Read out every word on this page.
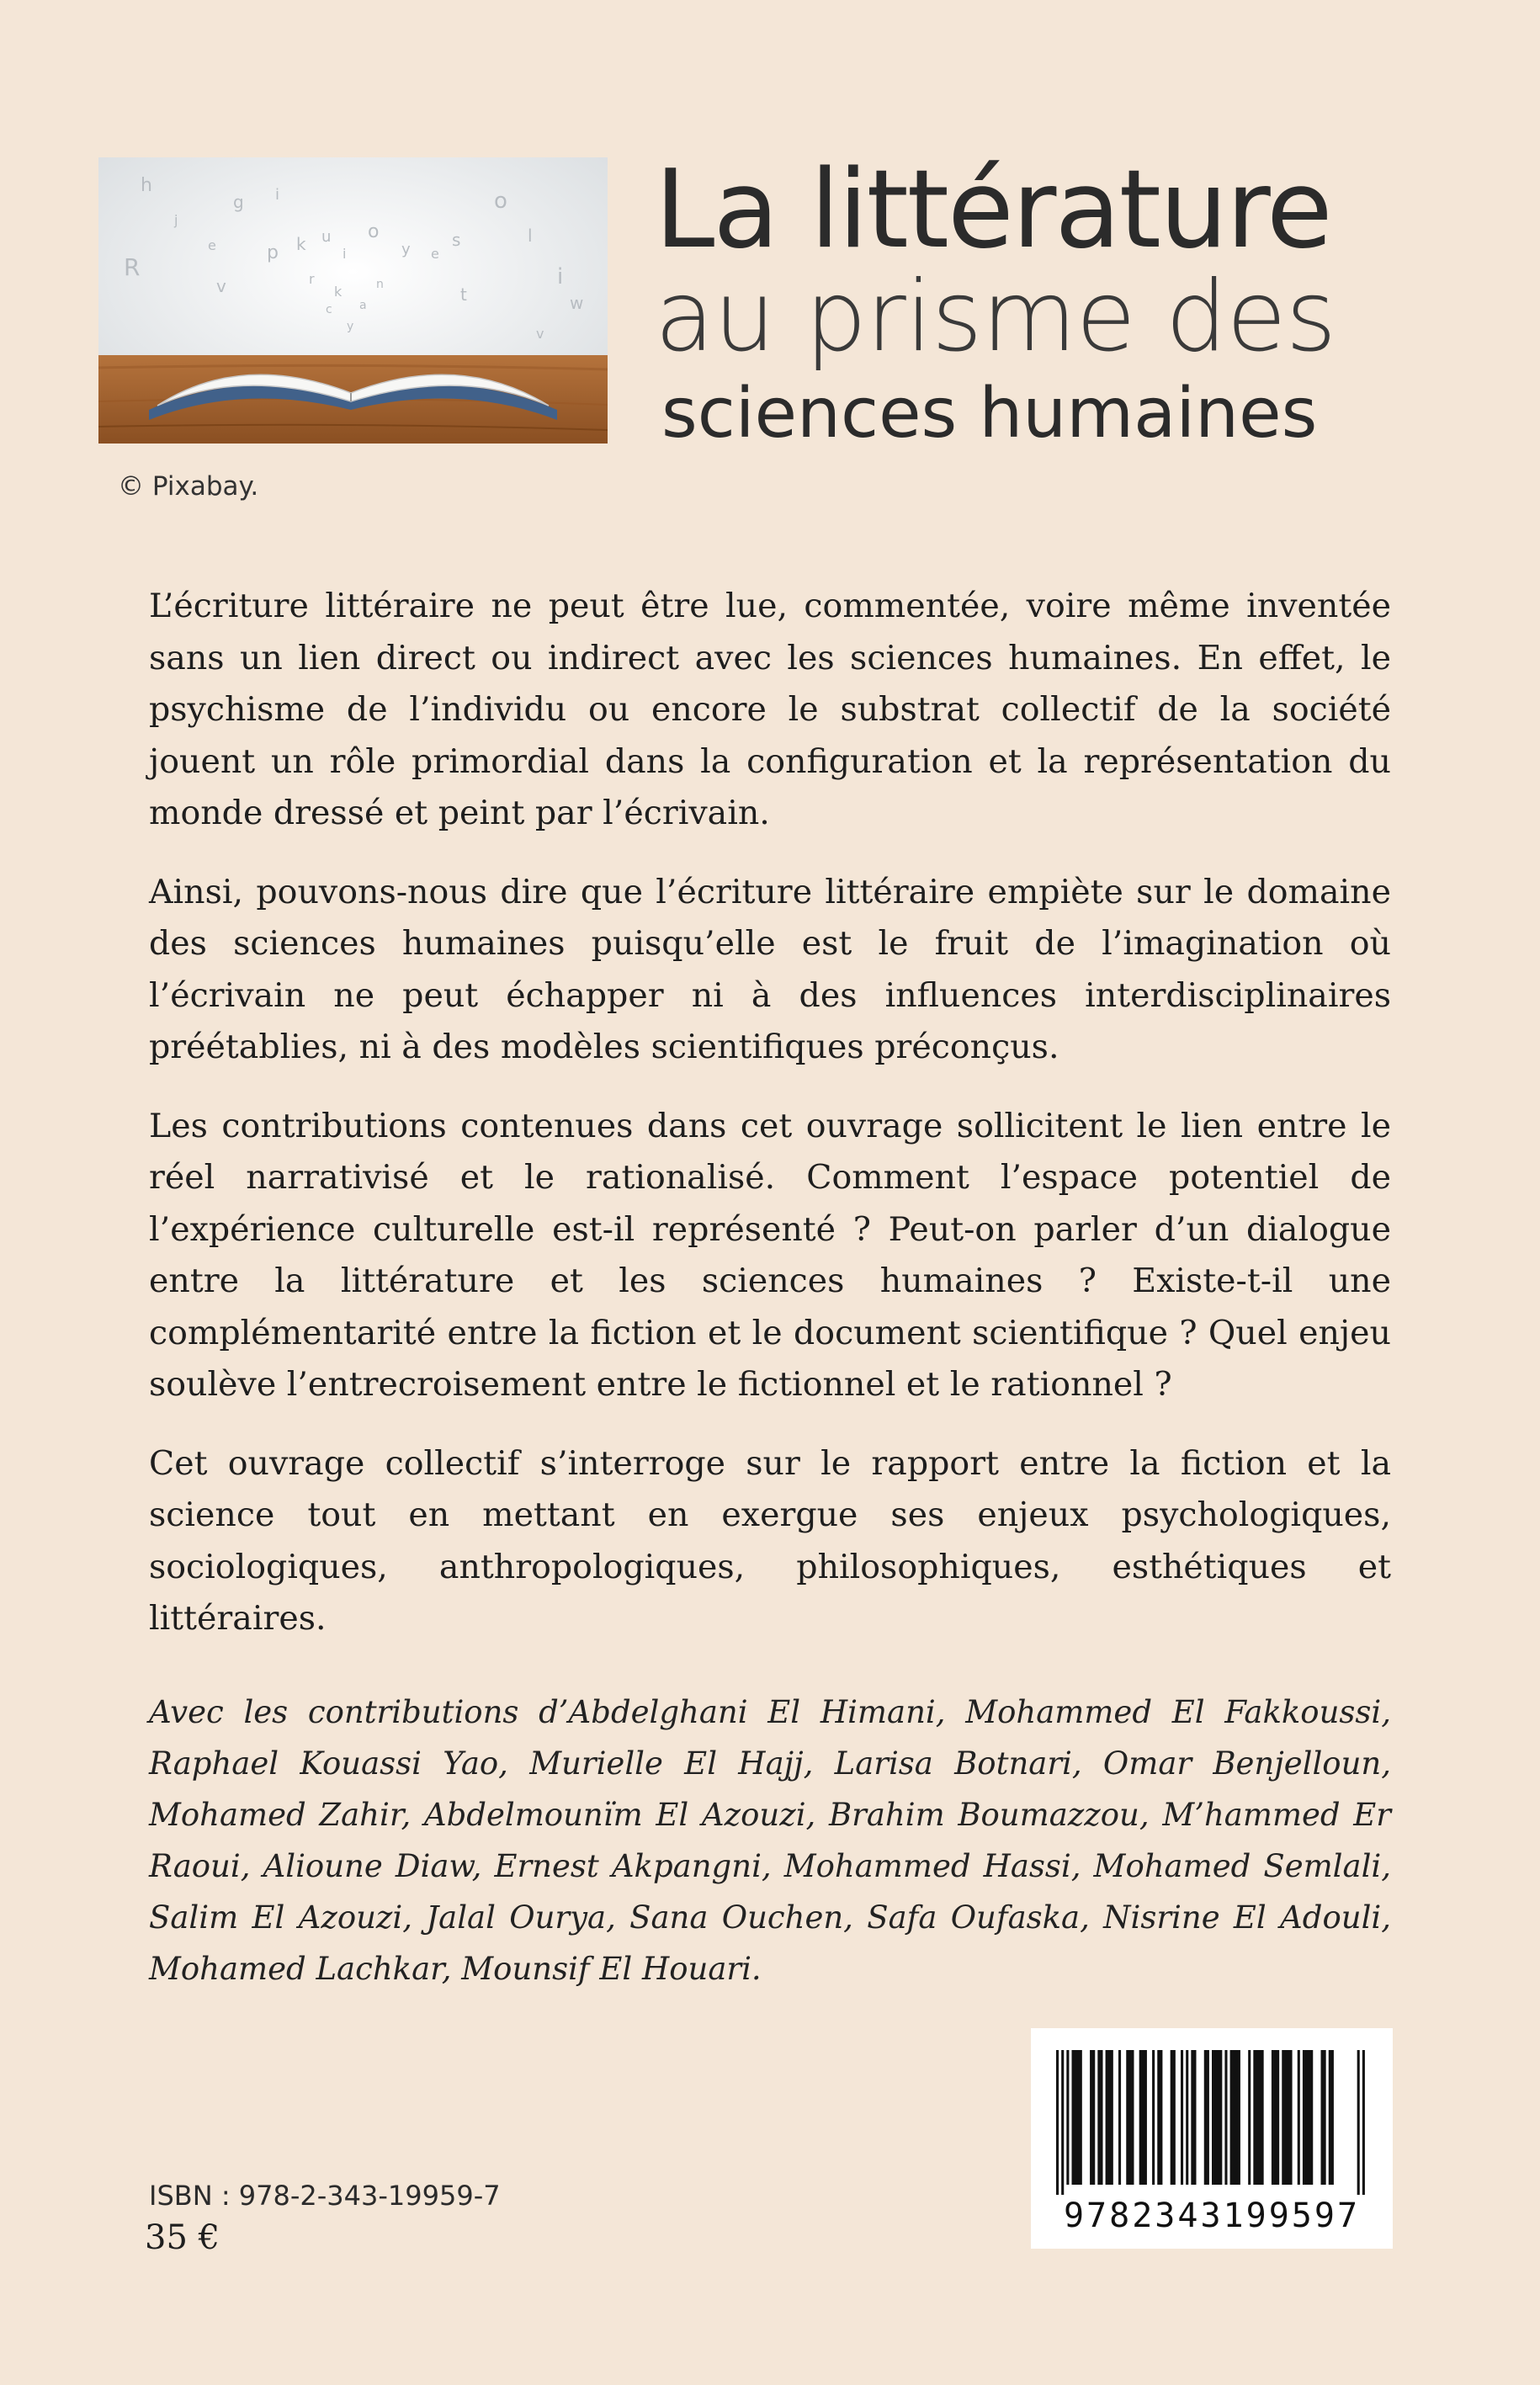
h
g i
e	p k u
i
o
y e
s
o
l
r
k
a
y
c
n	t
i
w
R
j
v
v
La littérature
au prisme des
sciences humaines
© Pixabay.

L’écriture littéraire ne peut être lue, commentée, voire même inventée sans un lien direct ou indirect avec les sciences humaines. En effet, le psychisme de l’individu ou encore le substrat collectif de la société jouent un rôle primordial dans la configuration et la représentation du monde dressé et peint par l’écrivain.

Ainsi, pouvons-nous dire que l’écriture littéraire empiète sur le domaine des sciences humaines puisqu’elle est le fruit de l’imagination où l’écrivain ne peut échapper ni à des influences interdisciplinaires préétablies, ni à des modèles scientifiques préconçus.

Les contributions contenues dans cet ouvrage sollicitent le lien entre le réel narrativisé et le rationalisé. Comment l’espace potentiel de l’expérience culturelle est-il représenté ? Peut-on parler d’un dialogue entre la littérature et les sciences humaines ? Existe-t-il une complémentarité entre la fiction et le document scientifique ? Quel enjeu soulève l’entrecroisement entre le fictionnel et le rationnel ?

Cet ouvrage collectif s’interroge sur le rapport entre la fiction et la science tout en mettant en exergue ses enjeux psychologiques, sociologiques, anthropologiques, philosophiques, esthétiques et littéraires.

Avec les contributions d’Abdelghani El Himani, Mohammed El Fakkoussi, Raphael Kouassi Yao, Murielle El Hajj, Larisa Botnari, Omar Benjelloun, Mohamed Zahir, Abdelmounïm El Azouzi, Brahim Boumazzou, M’hammed Er Raoui, Alioune Diaw, Ernest Akpangni, Mohammed Hassi, Mohamed Semlali, Salim El Azouzi, Jalal Ourya, Sana Ouchen, Safa Oufaska, Nisrine El Adouli, Mohamed Lachkar, Mounsif El Houari.
ISBN : 978-2-343-19959-7
35 €
9782343199597
